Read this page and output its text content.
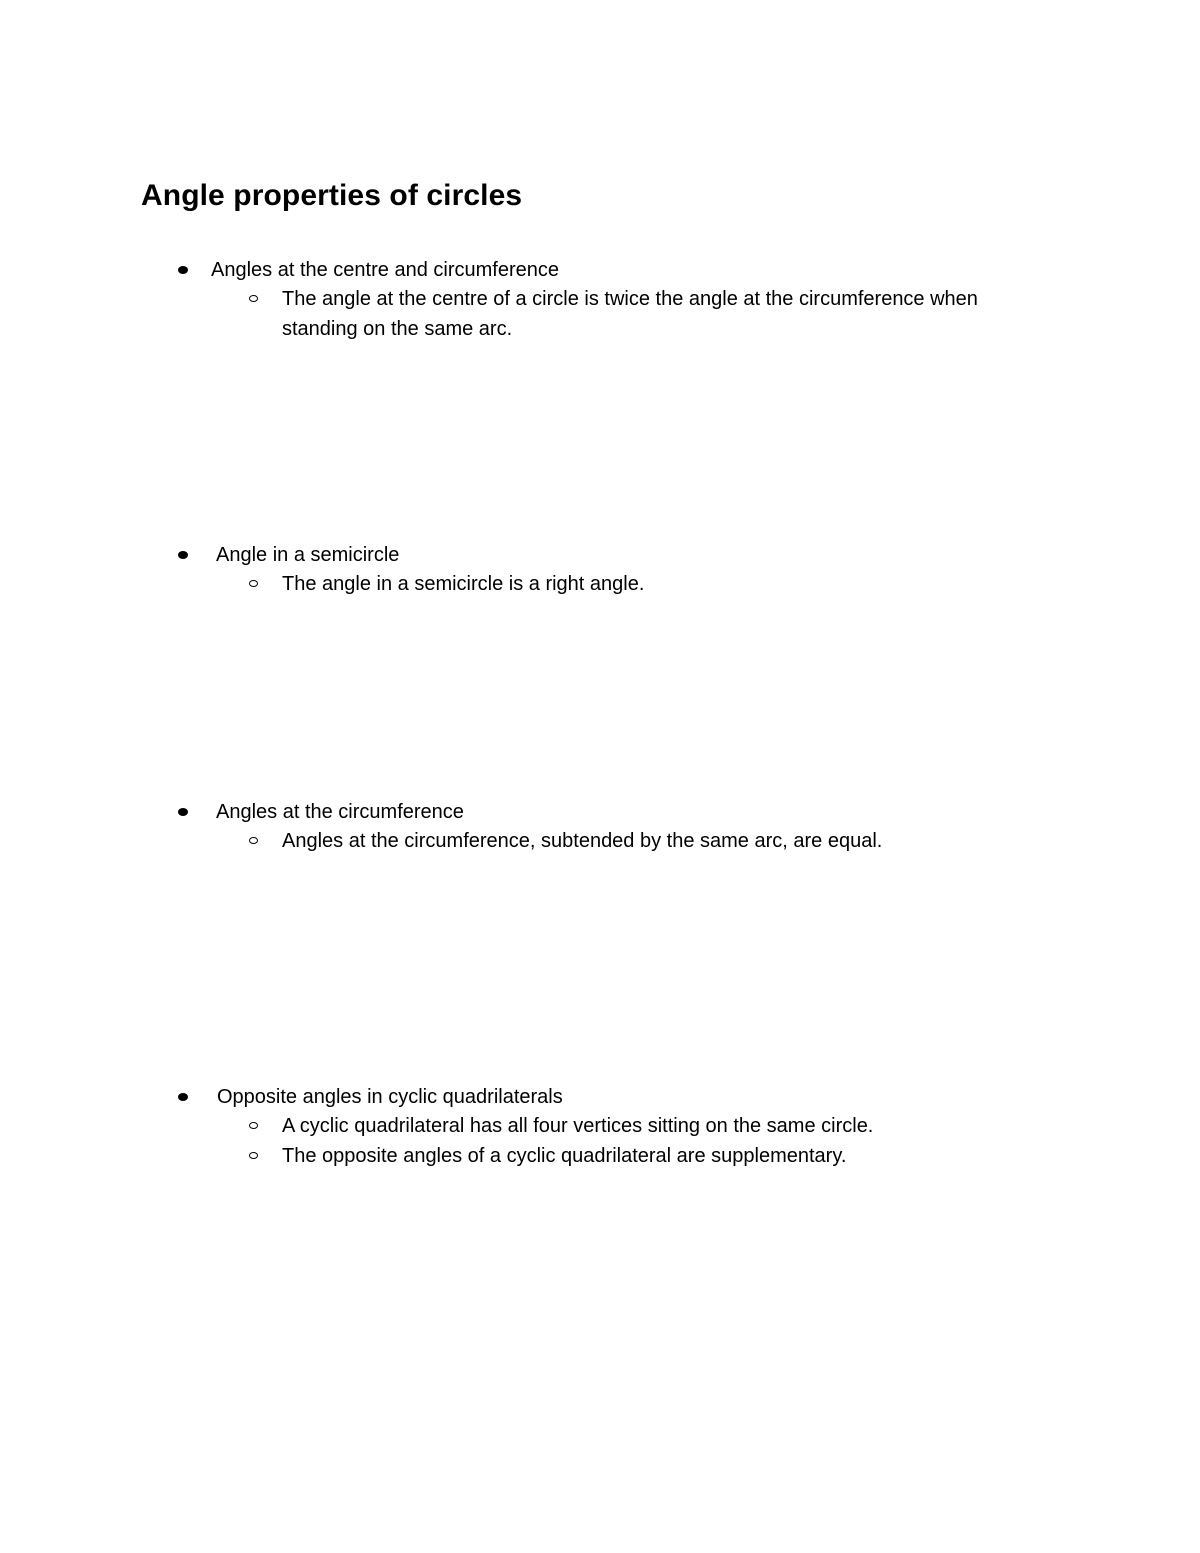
Angle properties of circles
Angles at the centre and circumference
The angle at the centre of a circle is twice the angle at the circumference when standing on the same arc.
Angle in a semicircle
The angle in a semicircle is a right angle.
Angles at the circumference
Angles at the circumference, subtended by the same arc, are equal.
Opposite angles in cyclic quadrilaterals
A cyclic quadrilateral has all four vertices sitting on the same circle.
The opposite angles of a cyclic quadrilateral are supplementary.
